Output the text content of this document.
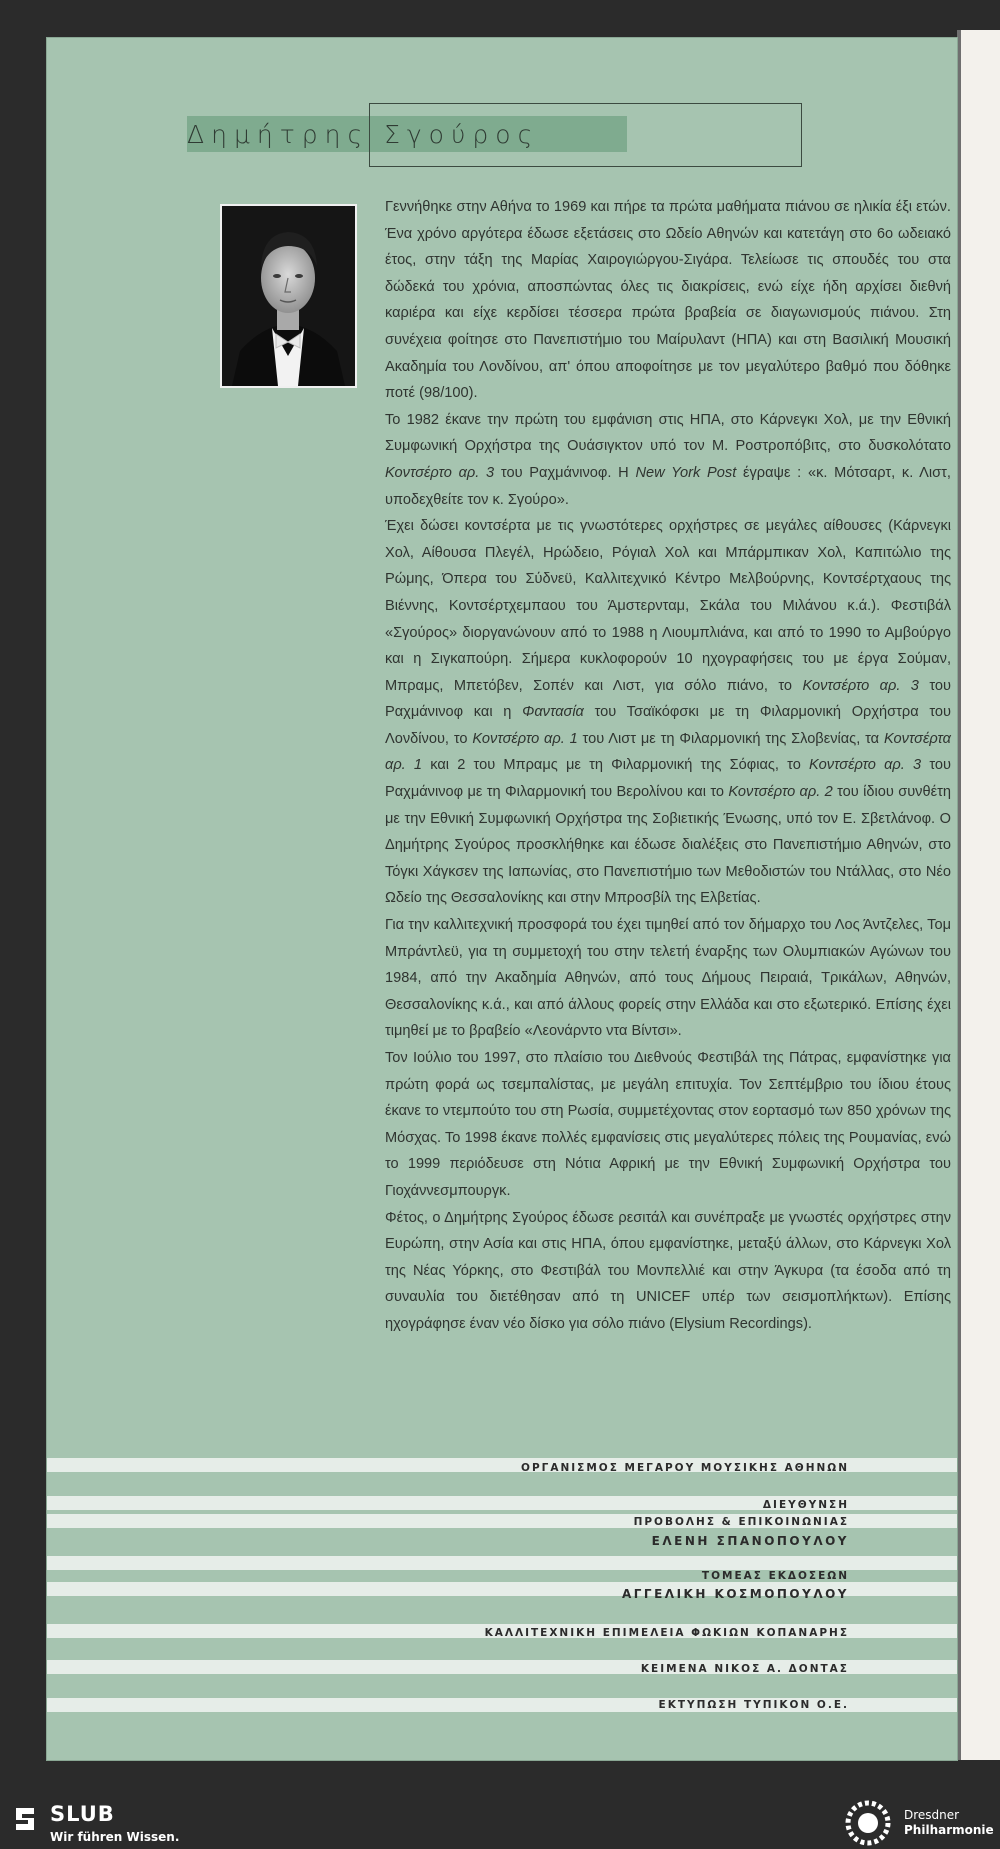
Δημήτρης Σγούρος

Γεννήθηκε στην Αθήνα το 1969 και πήρε τα πρώτα μαθήματα πιάνου σε ηλικία έξι ετών. Ένα χρόνο αργότερα έδωσε εξετάσεις στο Ωδείο Αθηνών και κατετάγη στο 6ο ωδειακό έτος, στην τάξη της Μαρίας Χαιρογιώργου-Σιγάρα. Τελείωσε τις σπουδές του στα δώδεκά του χρόνια, αποσπώντας όλες τις διακρίσεις, ενώ είχε ήδη αρχίσει διεθνή καριέρα και είχε κερδίσει τέσσερα πρώτα βραβεία σε διαγωνισμούς πιάνου. Στη συνέχεια φοίτησε στο Πανεπιστήμιο του Μαίρυλαντ (ΗΠΑ) και στη Βασιλική Μουσική Ακαδημία του Λονδίνου, απ' όπου αποφοίτησε με τον μεγαλύτερο βαθμό που δόθηκε ποτέ (98/100).

Το 1982 έκανε την πρώτη του εμφάνιση στις ΗΠΑ, στο Κάρνεγκι Χολ, με την Εθνική Συμφωνική Ορχήστρα της Ουάσιγκτον υπό τον Μ. Ροστροπόβιτς, στο δυσκολότατο Κοντσέρτο αρ. 3 του Ραχμάνινοφ. Η New York Post έγραψε : «κ. Μότσαρτ, κ. Λιστ, υποδεχθείτε τον κ. Σγούρο».

Έχει δώσει κοντσέρτα με τις γνωστότερες ορχήστρες σε μεγάλες αίθουσες (Κάρνεγκι Χολ, Αίθουσα Πλεγέλ, Ηρώδειο, Ρόγιαλ Χολ και Μπάρμπικαν Χολ, Καπιτώλιο της Ρώμης, Όπερα του Σύδνεϋ, Καλλιτεχνικό Κέντρο Μελβούρνης, Κοντσέρτχαους της Βιέννης, Κοντσέρτχεμπαου του Άμστερνταμ, Σκάλα του Μιλάνου κ.ά.). Φεστιβάλ «Σγούρος» διοργανώνουν από το 1988 η Λιουμπλιάνα, και από το 1990 το Αμβούργο και η Σιγκαπούρη. Σήμερα κυκλοφορούν 10 ηχογραφήσεις του με έργα Σούμαν, Μπραμς, Μπετόβεν, Σοπέν και Λιστ, για σόλο πιάνο, το Κοντσέρτο αρ. 3 του Ραχμάνινοφ και η Φαντασία του Τσαϊκόφσκι με τη Φιλαρμονική Ορχήστρα του Λονδίνου, το Κοντσέρτο αρ. 1 του Λιστ με τη Φιλαρμονική της Σλοβενίας, τα Κοντσέρτα αρ. 1 και 2 του Μπραμς με τη Φιλαρμονική της Σόφιας, το Κοντσέρτο αρ. 3 του Ραχμάνινοφ με τη Φιλαρμονική του Βερολίνου και το Κοντσέρτο αρ. 2 του ίδιου συνθέτη με την Εθνική Συμφωνική Ορχήστρα της Σοβιετικής Ένωσης, υπό τον Ε. Σβετλάνοφ. Ο Δημήτρης Σγούρος προσκλήθηκε και έδωσε διαλέξεις στο Πανεπιστήμιο Αθηνών, στο Τόγκι Χάγκσεν της Ιαπωνίας, στο Πανεπιστήμιο των Μεθοδιστών του Ντάλλας, στο Νέο Ωδείο της Θεσσαλονίκης και στην Μπροσβίλ της Ελβετίας.

Για την καλλιτεχνική προσφορά του έχει τιμηθεί από τον δήμαρχο του Λος Άντζελες, Τομ Μπράντλεϋ, για τη συμμετοχή του στην τελετή έναρξης των Ολυμπιακών Αγώνων του 1984, από την Ακαδημία Αθηνών, από τους Δήμους Πειραιά, Τρικάλων, Αθηνών, Θεσσαλονίκης κ.ά., και από άλλους φορείς στην Ελλάδα και στο εξωτερικό. Επίσης έχει τιμηθεί με το βραβείο «Λεονάρντο ντα Βίντσι».

Τον Ιούλιο του 1997, στο πλαίσιο του Διεθνούς Φεστιβάλ της Πάτρας, εμφανίστηκε για πρώτη φορά ως τσεμπαλίστας, με μεγάλη επιτυχία. Τον Σεπτέμβριο του ίδιου έτους έκανε το ντεμπούτο του στη Ρωσία, συμμετέχοντας στον εορτασμό των 850 χρόνων της Μόσχας. Το 1998 έκανε πολλές εμφανίσεις στις μεγαλύτερες πόλεις της Ρουμανίας, ενώ το 1999 περιόδευσε στη Νότια Αφρική με την Εθνική Συμφωνική Ορχήστρα του Γιοχάννεσμπουργκ.

Φέτος, ο Δημήτρης Σγούρος έδωσε ρεσιτάλ και συνέπραξε με γνωστές ορχήστρες στην Ευρώπη, στην Ασία και στις ΗΠΑ, όπου εμφανίστηκε, μεταξύ άλλων, στο Κάρνεγκι Χολ της Νέας Υόρκης, στο Φεστιβάλ του Μονπελλιέ και στην Άγκυρα (τα έσοδα από τη συναυλία του διετέθησαν από τη UNICEF υπέρ των σεισμοπλήκτων). Επίσης ηχογράφησε έναν νέο δίσκο για σόλο πιάνο (Elysium Recordings).

ΟΡΓΑΝΙΣΜΟΣ ΜΕΓΑΡΟΥ ΜΟΥΣΙΚΗΣ ΑΘΗΝΩΝ
ΔΙΕΥΘΥΝΣΗ
ΠΡΟΒΟΛΗΣ & ΕΠΙΚΟΙΝΩΝΙΑΣ
ΕΛΕΝΗ ΣΠΑΝΟΠΟΥΛΟΥ
ΤΟΜΕΑΣ ΕΚΔΟΣΕΩΝ
ΑΓΓΕΛΙΚΗ ΚΟΣΜΟΠΟΥΛΟΥ
ΚΑΛΛΙΤΕΧΝΙΚΗ ΕΠΙΜΕΛΕΙΑ ΦΩΚΙΩΝ ΚΟΠΑΝΑΡΗΣ
ΚΕΙΜΕΝΑ ΝΙΚΟΣ Α. ΔΟΝΤΑΣ
ΕΚΤΥΠΩΣΗ ΤΥΠΙΚΟΝ Ο.Ε.
SLUB
Wir führen Wissen.
Dresdner
Philharmonie
